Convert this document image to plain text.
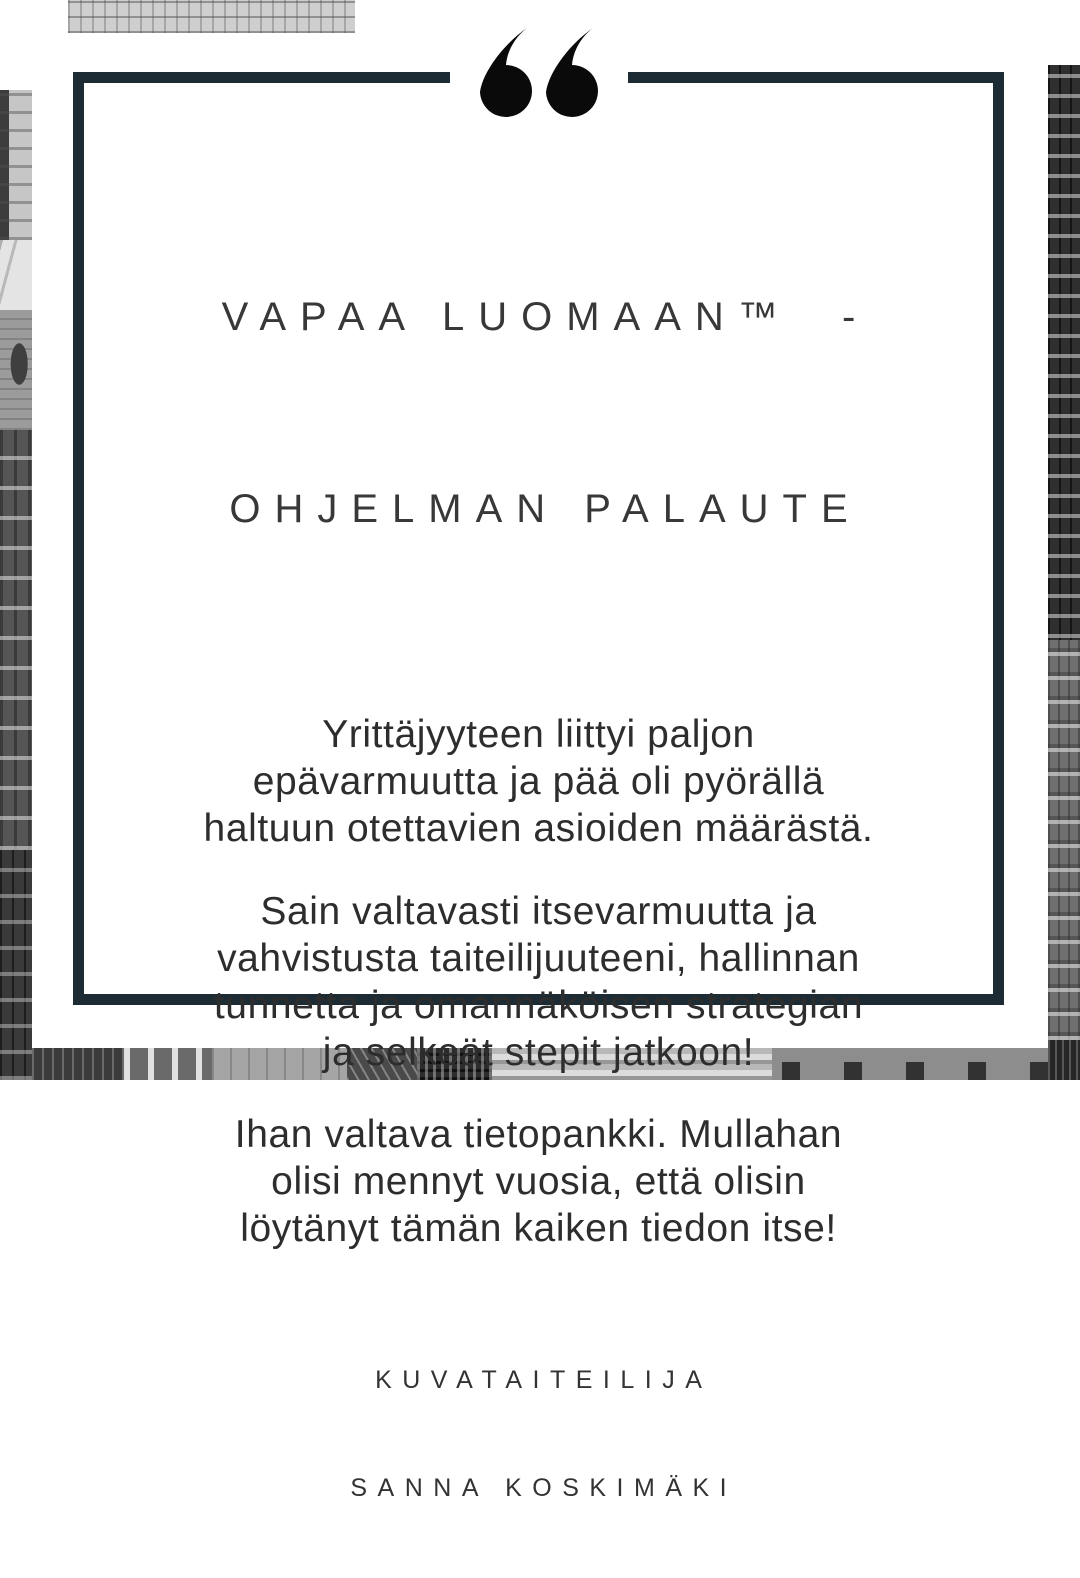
VAPAA LUOMAAN™  -

OHJELMAN PALAUTE

Yrittäjyyteen liittyi paljon
epävarmuutta ja pää oli pyörällä
haltuun otettavien asioiden määrästä.
Sain valtavasti itsevarmuutta ja
vahvistusta taiteilijuuteeni, hallinnan
tunnetta ja omannäköisen strategian
ja selkeät stepit jatkoon!
Ihan valtava tietopankki. Mullahan
olisi mennyt vuosia, että olisin
löytänyt tämän kaiken tiedon itse!

KUVATAITEILIJA

SANNA KOSKIMÄKI
